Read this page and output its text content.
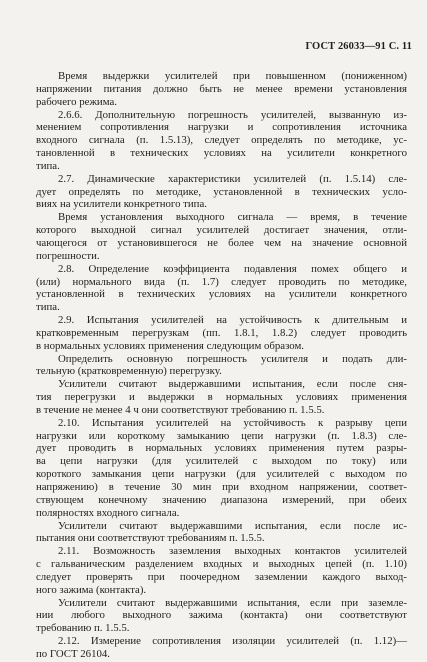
ГОСТ 26033—91 С. 11
Время выдержки усилителей при повышенном (пониженном)
напряжении питания должно быть не менее времени установления
рабочего режима.
2.6.6. Дополнительную погрешность усилителей, вызванную из-
менением сопротивления нагрузки и сопротивления источника
входного сигнала (п. 1.5.13), следует определять по методике, ус-
тановленной в технических условиях на усилители конкретного
типа.
2.7. Динамические характеристики усилителей (п. 1.5.14) сле-
дует определять по методике, установленной в технических усло-
виях на усилители конкретного типа.
Время установления выходного сигнала — время, в течение
которого выходной сигнал усилителей достигает значения, отли-
чающегося от установившегося не более чем на значение основной
погрешности.
2.8. Определение коэффициента подавления помех общего и
(или) нормального вида (п. 1.7) следует проводить по методике,
установленной в технических условиях на усилители конкретного
типа.
2.9. Испытания усилителей на устойчивость к длительным и
кратковременным перегрузкам (пп. 1.8.1, 1.8.2) следует проводить
в нормальных условиях применения следующим образом.
Определить основную погрешность усилителя и подать дли-
тельную (кратковременную) перегрузку.
Усилители считают выдержавшими испытания, если после сня-
тия перегрузки и выдержки в нормальных условиях применения
в течение не менее 4 ч они соответствуют требованию п. 1.5.5.
2.10. Испытания усилителей на устойчивость к разрыву цепи
нагрузки или короткому замыканию цепи нагрузки (п. 1.8.3) сле-
дует проводить в нормальных условиях применения путем разры-
ва цепи нагрузки (для усилителей с выходом по току) или
короткого замыкания цепи нагрузки (для усилителей с выходом по
напряжению) в течение 30 мин при входном напряжении, соответ-
ствующем конечному значению диапазона измерений, при обеих
полярностях входного сигнала.
Усилители считают выдержавшими испытания, если после ис-
пытания они соответствуют требованиям п. 1.5.5.
2.11. Возможность заземления выходных контактов усилителей
с гальваническим разделением входных и выходных цепей (п. 1.10)
следует проверять при поочередном заземлении каждого выход-
ного зажима (контакта).
Усилители считают выдержавшими испытания, если при заземле-
нии любого выходного зажима (контакта) они соответствуют
требованию п. 1.5.5.
2.12. Измерение сопротивления изоляции усилителей (п. 1.12)—
по ГОСТ 26104.
